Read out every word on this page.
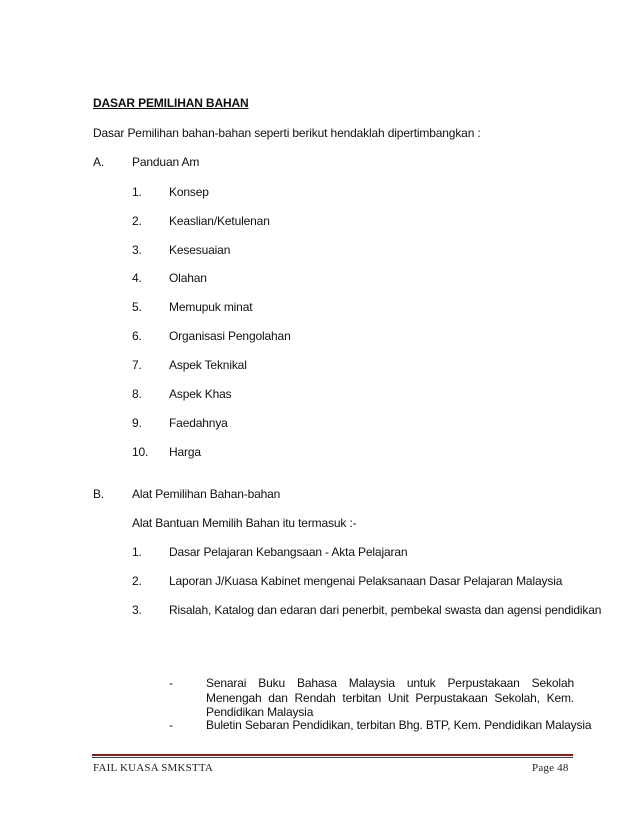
DASAR PEMILIHAN BAHAN
Dasar Pemilihan bahan-bahan seperti berikut hendaklah dipertimbangkan :
A. Panduan Am
1. Konsep
2. Keaslian/Ketulenan
3. Kesesuaian
4. Olahan
5. Memupuk minat
6. Organisasi Pengolahan
7. Aspek Teknikal
8. Aspek Khas
9. Faedahnya
10. Harga
B. Alat Pemilihan Bahan-bahan
Alat Bantuan Memilih Bahan itu termasuk :-
1. Dasar Pelajaran Kebangsaan - Akta Pelajaran
2. Laporan J/Kuasa Kabinet mengenai Pelaksanaan Dasar Pelajaran Malaysia
3. Risalah, Katalog dan edaran dari penerbit, pembekal swasta dan agensi pendidikan
-	Senarai Buku Bahasa Malaysia untuk Perpustakaan Sekolah Menengah dan Rendah terbitan Unit Perpustakaan Sekolah, Kem. Pendidikan Malaysia
-	Buletin Sebaran Pendidikan, terbitan Bhg. BTP, Kem. Pendidikan Malaysia
FAIL KUASA SMKSTTA	Page 48
